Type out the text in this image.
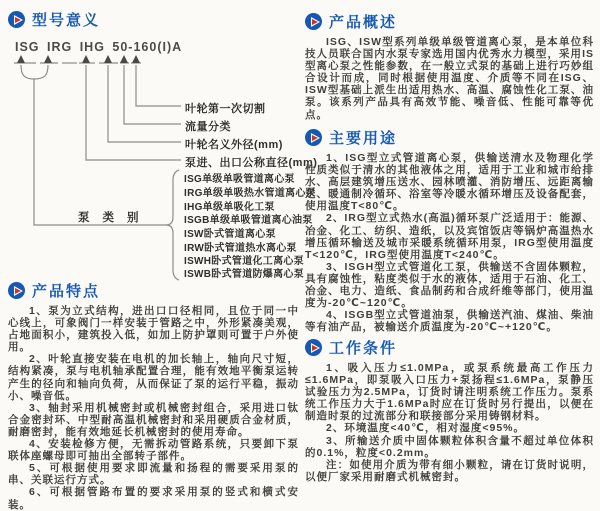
型号意义
ISG IRG IHG 50-160(I)A
叶轮第一次切割
流量分类
叶轮名义外径(mm)
泵进、出口公称直径(mm)
泵类别
ISG单级单吸管道离心泵
IRG单级单吸热水管道离心泵
IHG单级单吸化工泵
ISGB单级单吸管道离心油泵
ISW卧式管道离心泵
IRW卧式管道热水离心泵
ISWH卧式管道化工离心泵
ISWB卧式管道防爆离心泵
产品特点

1、泵为立式结构，进出口口径相同，且位于同一中心线上，可象阀门一样安装于管路之中，外形紧凑美观，占地面积小，建筑投入低，如加上防护罩则可置于户外使用。

2、叶轮直接安装在电机的加长轴上，轴向尺寸短，结构紧凑，泵与电机轴承配置合理，能有效地平衡泵运转产生的径向和轴向负荷，从而保证了泵的运行平稳，振动小、噪音低。

3、轴封采用机械密封或机械密封组合，采用进口钛合金密封环、中型耐高温机械密封和采用硬质合金材质，耐磨密封，能有效地延长机械密封的使用寿命。

4、安装检修方便，无需拆动管路系统，只要卸下泵联体座螺母即可抽出全部转子部件。

5、可根据使用要求即流量和扬程的需要采用泵的串、关联运行方式。

6、可根据管路布置的要求采用泵的竖式和横式安装。

产品概述

ISG、ISW型系列单级单级管道离心泵，是本单位科技人员联合国内水泵专家选用国内优秀水力模型，采用IS型离心泵之性能参数，在一般立式泵的基础上进行巧妙组合设计而成，同时根据使用温度、介质等不同在ISG、ISW型基础上派生出适用热水、高温、腐蚀性化工泵、油泵。该系列产品具有高效节能、噪音低、性能可靠等优点。

主要用途

1、ISG型立式管道离心泵，供输送清水及物理化学性质类似于清水的其他液体之用，适用于工业和城市给排水、高层建筑增压送水、园林喷灌、消防增压、远距离输送、暖通制冷循环、浴室等冷暖水循环增压及设备配套，使用温度T<80℃。

2、IRG型立式热水(高温)循环泵广泛适用于：能源、冶金、化工、纺织、造纸，以及宾馆饭店等锅炉高温热水增压循环输送及城市采暖系统循环用泵，IRG型使用温度T<120℃，IRG型使用温度T<240℃。

3、ISGH型立式管道化工泵，供输送不含固体颗粒，具有腐蚀性，粘度类似于水的液体，适用于石油、化工、冶金、电力、造纸、食品制药和合成纤维等部门，使用温度为-20℃~120℃。

4、ISGB型立式管道油泵，供输送汽油、煤油、柴油等有油产品，被输送介质温度为-20℃~+120℃。

工作条件

1、吸入压力≤1.0MPa，或泵系统最高工作压力≤1.6MPa，即泵吸入口压力+泵扬程≤1.6MPa，泵静压试验压力为2.5MPa，订货时请注明系统工作压力。泵系统工作压力大于1.6MPa时应在订货时另行提出，以便在制造时泵的过流部分和联接部分采用铸钢材料。

2、环境温度<40℃，相对湿度<95%。

3、所输送介质中固体颗粒体积含量不超过单位体积的0.1%，粒度<0.2mm。

注：如使用介质为带有细小颗粒，请在订货时说明，以便厂家采用耐磨式机械密封。
